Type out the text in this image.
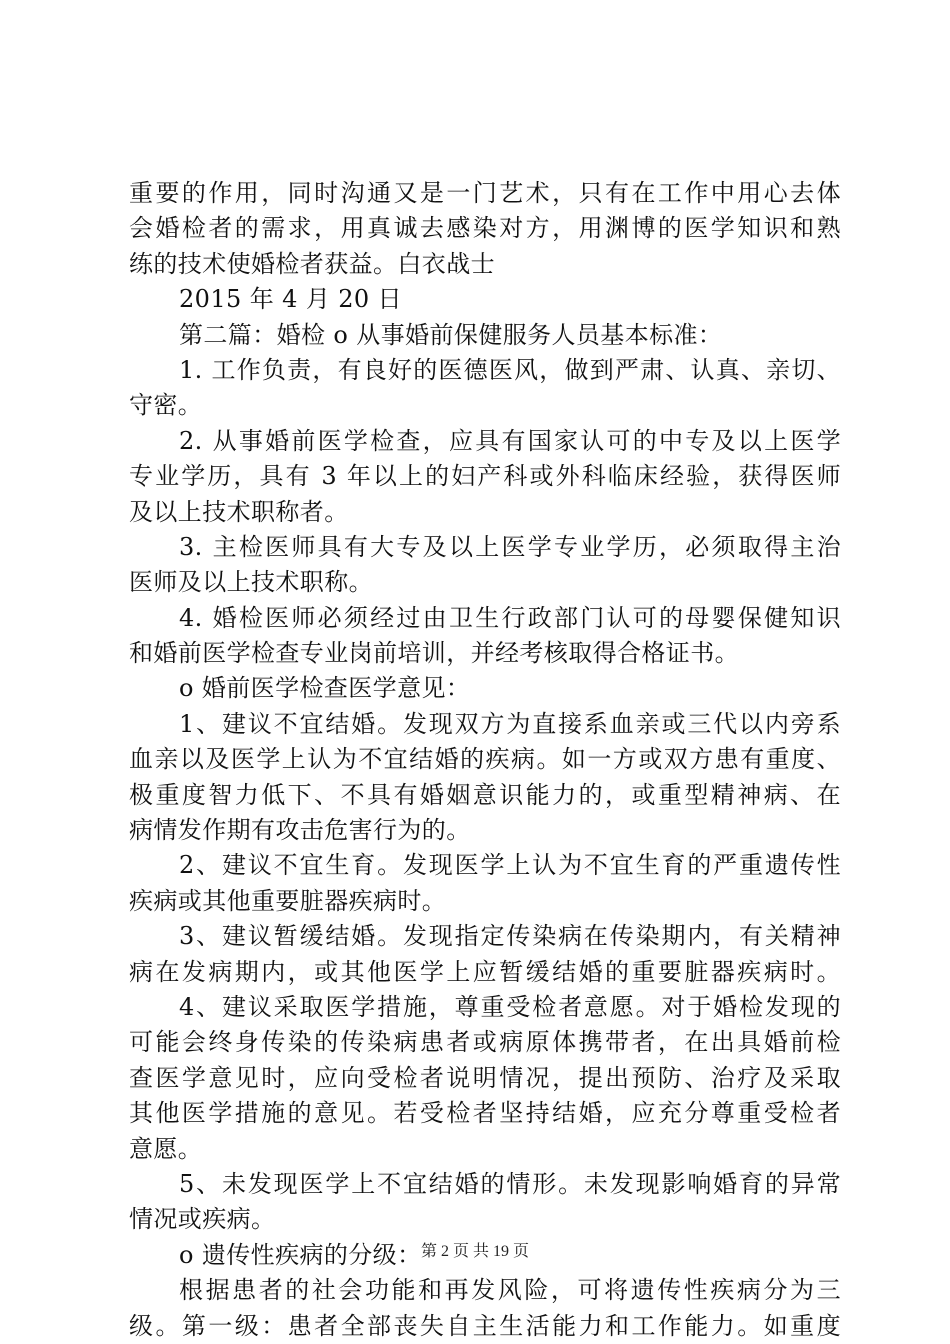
重要的作用，同时沟通又是一门艺术，只有在工作中用心去体
会婚检者的需求，用真诚去感染对方，用渊博的医学知识和熟
练的技术使婚检者获益。白衣战士
2015 年 4 月 20 日
第二篇：婚检 o 从事婚前保健服务人员基本标准：
1. 工作负责，有良好的医德医风，做到严肃、认真、亲切、
守密。
2. 从事婚前医学检查，应具有国家认可的中专及以上医学
专业学历，具有 3 年以上的妇产科或外科临床经验，获得医师
及以上技术职称者。
3. 主检医师具有大专及以上医学专业学历，必须取得主治
医师及以上技术职称。
4. 婚检医师必须经过由卫生行政部门认可的母婴保健知识
和婚前医学检查专业岗前培训，并经考核取得合格证书。
o 婚前医学检查医学意见：
1、建议不宜结婚。发现双方为直接系血亲或三代以内旁系
血亲以及医学上认为不宜结婚的疾病。如一方或双方患有重度、
极重度智力低下、不具有婚姻意识能力的，或重型精神病、在
病情发作期有攻击危害行为的。
2、建议不宜生育。发现医学上认为不宜生育的严重遗传性
疾病或其他重要脏器疾病时。
3、建议暂缓结婚。发现指定传染病在传染期内，有关精神
病在发病期内，或其他医学上应暂缓结婚的重要脏器疾病时。
4、建议采取医学措施，尊重受检者意愿。对于婚检发现的
可能会终身传染的传染病患者或病原体携带者，在出具婚前检
查医学意见时，应向受检者说明情况，提出预防、治疗及采取
其他医学措施的意见。若受检者坚持结婚，应充分尊重受检者
意愿。
5、未发现医学上不宜结婚的情形。未发现影响婚育的异常
情况或疾病。
o 遗传性疾病的分级：
根据患者的社会功能和再发风险，可将遗传性疾病分为三
级。第一级：患者全部丧失自主生活能力和工作能力。如重度
第 2 页 共 19 页
